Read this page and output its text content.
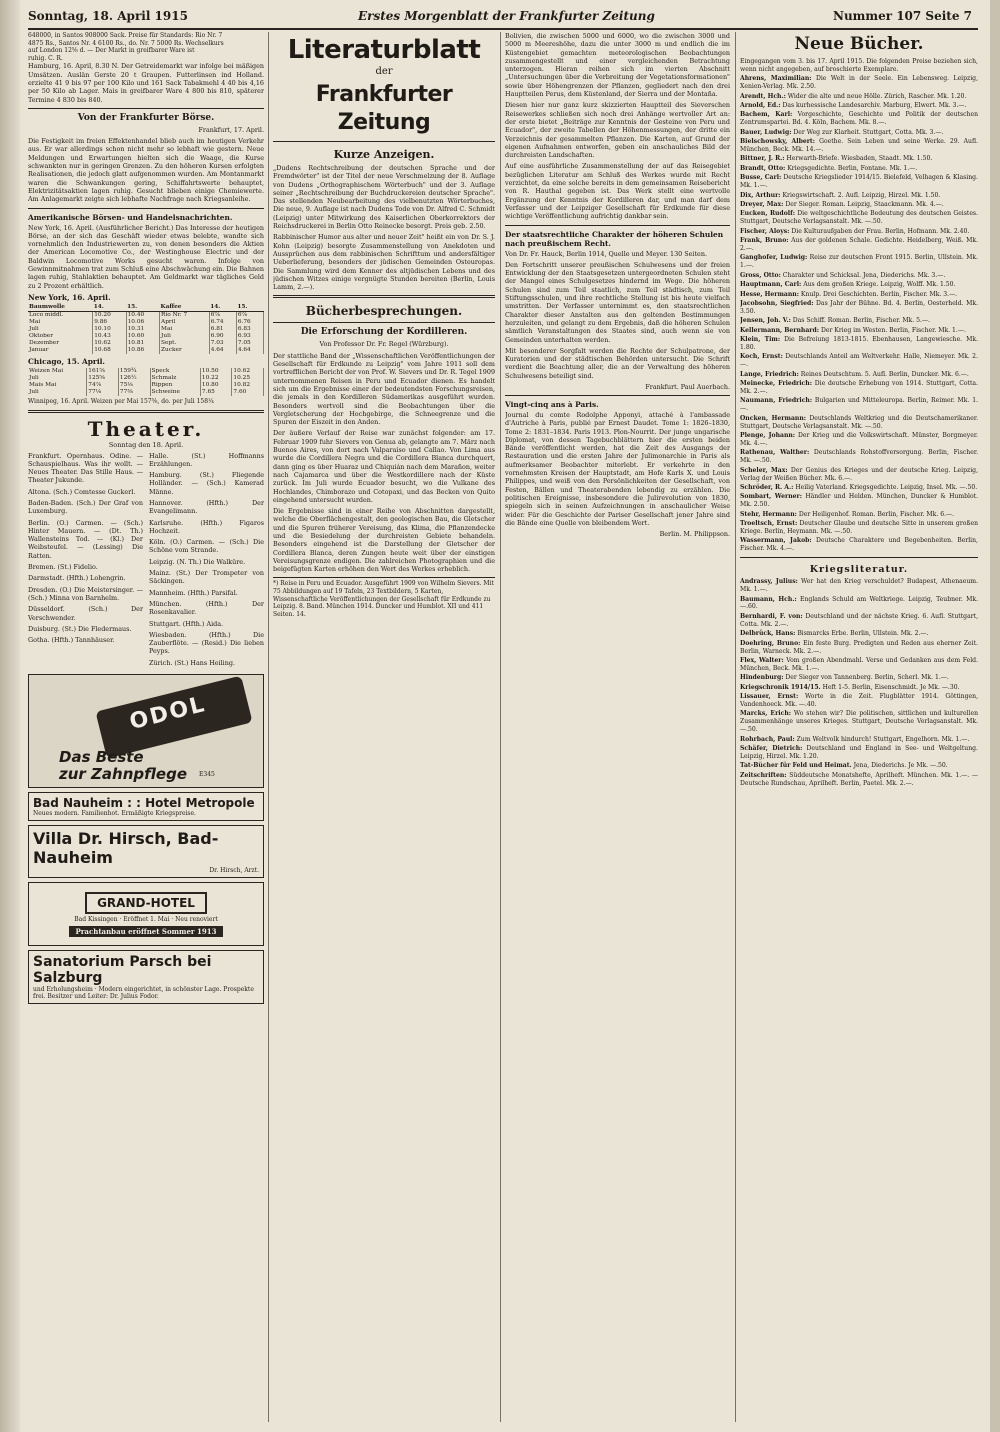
Sonntag, 18. April 1915	Erstes Morgenblatt der Frankfurter Zeitung	Nummer 107 Seite 7

648000, in Santos 908000 Sack. Preise für Standards: Rio Nr. 7

4875 Rs., Santos Nr. 4 6100 Rs., do. Nr. 7 5000 Rs. Wechselkurs

auf London 12⅝ d. — Der Markt in greifbarer Ware ist

ruhig. C. R.

Hamburg, 16. April, 8.30 N. Der Getreidemarkt war infolge bei mäßigen Umsätzen. Auslän Gerste 20 t Graupen. Futterlinsen ind Holland. erzielte 41 9 bis 97 per 100 Kilo und 161 Sack Tabakmehl 4 40 bis 4,16 per 50 Kilo ab Lager. Mais in greifbarer Ware 4 800 bis 810, späterer Termine 4 830 bis 840.

Von der Frankfurter Börse.

Frankfurt, 17. April.

Die Festigkeit im freien Effektenhandel blieb auch im heutigen Verkehr aus. Er war allerdings schon nicht mehr so lebhaft wie gestern. Neue Meldungen und Erwartungen hielten sich die Waage, die Kurse schwankten nur in geringen Grenzen. Zu den höheren Kursen erfolgten Realisationen, die jedoch glatt aufgenommen wurden. Am Montanmarkt waren die Schwankungen gering, Schiffahrtswerte behauptet, Elektrizitätsaktien lagen ruhig. Gesucht blieben einige Chemiewerte. Am Anlagemarkt zeigte sich lebhafte Nachfrage nach Kriegsanleihe.

Amerikanische Börsen- und Handelsnachrichten.

New York, 16. April. (Ausführlicher Bericht.) Das Interesse der heutigen Börse, an der sich das Geschäft wieder etwas belebte, wandte sich vornehmlich den Industriewerten zu, von denen besonders die Aktien der American Locomotive Co., der Westinghouse Electric und der Baldwin Locomotive Works gesucht waren. Infolge von Gewinnmitnahmen trat zum Schluß eine Abschwächung ein. Die Bahnen lagen ruhig, Stahlaktien behauptet. Am Geldmarkt war tägliches Geld zu 2 Prozent erhältlich.

New York, 16. April.
Baumwolle	14.	15.	Kaffee	14.	15.
Loco middl.	10.20	10.40	Rio Nr. 7	6⅞	6⅞
Mai	9.86	10.06	April	6.74	6.76
Juli	10.10	10.31	Mai	6.81	6.83
Oktober	10.43	10.60	Juli	6.90	6.93
Dezember	10.62	10.81	Sept.	7.03	7.05
Januar	10.68	10.86	Zucker	4.64	4.64
Chicago, 15. April.
Weizen Mai	161⅝	159¾	Speck	10.50	10.62
Juli	125⅝	126½	Schmalz	10.22	10.25
Mais Mai	74⅞	75⅛	Rippen	10.80	10.82
Juli	77⅛	77⅜	Schweine	7.65	7.60

Winnipeg, 16. April. Weizen per Mai 157⅝, do. per Juli 158¼

Theater.
Sonntag den 18. April.

Frankfurt. Opernhaus. Odine. — Schauspielhaus. Was ihr wollt. — Neues Theater. Das Stille Haus. — Theater Jukunde.

Altona. (Sch.) Comtesse Guckerl.

Baden-Baden. (Sch.) Der Graf von Luxemburg.

Berlin. (O.) Carmen. — (Sch.) Hinter Mauern. — (Dt. Th.) Wallensteins Tod. — (Kl.) Der Weibsteufel. — (Lessing) Die Ratten.

Bremen. (St.) Fidelio.

Darmstadt. (Hfth.) Lohengrin.

Dresden. (O.) Die Meistersinger. — (Sch.) Minna von Barnhelm.

Düsseldorf. (Sch.) Der Verschwender.

Duisburg. (St.) Die Fledermaus.

Gotha. (Hfth.) Tannhäuser.

Halle. (St.) Hoffmanns Erzählungen.

Hamburg. (St.) Fliegende Holländer. — (Sch.) Kamerad Männe.

Hannover. (Hfth.) Der Evangelimann.

Karlsruhe. (Hfth.) Figaros Hochzeit.

Köln. (O.) Carmen. — (Sch.) Die Schöne vom Strande.

Leipzig. (N. Th.) Die Walküre.

Mainz. (St.) Der Trompeter von Säckingen.

Mannheim. (Hfth.) Parsifal.

München. (Hfth.) Der Rosenkavalier.

Stuttgart. (Hfth.) Aida.

Wiesbaden. (Hfth.) Die Zauberflöte. — (Resid.) Die lieben Peyps.

Zürich. (St.) Hans Heiling.

ODOL
Das Beste
zur Zahnpflege E345
Bad Nauheim : : Hotel Metropole
Neues modern. Familienhot. Ermäßigte Kriegspreise.
Villa Dr. Hirsch, Bad-Nauheim
Dr. Hirsch, Arzt.
GRAND-HOTEL
Bad Kissingen · Eröffnet 1. Mai · Neu renoviert
Prachtanbau eröffnet Sommer 1913
Sanatorium Parsch bei Salzburg
und Erholungsheim · Modern eingerichtet, in schönster Lage. Prospekte frei. Besitzer und Leiter: Dr. Julius Fodor.
Literaturblatt
der
Frankfurter Zeitung
Kurze Anzeigen.

„Dudens Rechtschreibung der deutschen Sprache und der Fremdwörter" ist der Titel der neue Verschmelzung der 8. Auflage von Dudens „Orthographischem Wörterbuch" und der 3. Auflage seiner „Rechtschreibung der Buchdruckereien deutscher Sprache". Das stellenden Neubearbeitung des vielbenutzten Wörterbuches, Die neue, 9. Auflage ist nach Dudens Tode von Dr. Alfred C. Schmidt (Leipzig) unter Mitwirkung des Kaiserlichen Oberkorrektors der Reichsdruckerei in Berlin Otto Reinecke besorgt. Preis geb. 2.50.

Rabbinischer Humor aus alter und neuer Zeit" heißt ein von Dr. S. J. Kohn (Leipzig) besorgte Zusammenstellung von Anekdoten und Aussprüchen aus dem rabbinischen Schrifttum und andersfältiger Ueberlieferung, besonders der jüdischen Gemeinden Osteuropas. Die Sammlung wird dem Kenner des altjüdischen Lebens und des jüdischen Witzes einige vergnügte Stunden bereiten (Berlin, Louis Lamm, 2.—).

Bücherbesprechungen.
Die Erforschung der Kordilleren.

Von Professor Dr. Fr. Regel (Würzburg).

Der stattliche Band der „Wissenschaftlichen Veröffentlichungen der Gesellschaft für Erdkunde zu Leipzig" vom Jahre 1911 soll dem vortrefflichen Bericht der von Prof. W. Sievers und Dr. R. Tegel 1909 unternommenen Reisen in Peru und Ecuador dienen. Es handelt sich um die Ergebnisse einer der bedeutendsten Forschungsreisen, die jemals in den Kordilleren Südamerikas ausgeführt wurden. Besonders wertvoll sind die Beobachtungen über die Vergletscherung der Hochgebirge, die Schneegrenze und die Spuren der Eiszeit in den Anden.

Der äußere Verlauf der Reise war zunächst folgender: am 17. Februar 1909 fuhr Sievers von Genua ab, gelangte am 7. März nach Buenos Aires, von dort nach Valparaíso und Callao. Von Lima aus wurde die Cordillera Negra und die Cordillera Blanca durchquert, dann ging es über Huaraz und Chiquián nach dem Marañon, weiter nach Cajamarca und über die Westkordillere nach der Küste zurück. Im Juli wurde Ecuador besucht, wo die Vulkane des Hochlandes, Chimborazo und Cotopaxi, und das Becken von Quito eingehend untersucht wurden.

Die Ergebnisse sind in einer Reihe von Abschnitten dargestellt, welche die Oberflächengestalt, den geologischen Bau, die Gletscher und die Spuren früherer Vereisung, das Klima, die Pflanzendecke und die Besiedelung der durchreisten Gebiete behandeln. Besonders eingehend ist die Darstellung der Gletscher der Cordillera Blanca, deren Zungen heute weit über der einstigen Vereisungsgrenze endigen. Die zahlreichen Photographien und die beigefügten Karten erhöhen den Wert des Werkes erheblich.

*) Reise in Peru und Ecuador. Ausgeführt 1909 von Wilhelm Sievers. Mit 75 Abbildungen auf 19 Tafeln, 23 Textbildern, 5 Karten, Wissenschaftliche Veröffentlichungen der Gesellschaft für Erdkunde zu Leipzig. 8. Band. München 1914. Duncker und Humblot. XII und 411 Seiten. 14.

Bolivien, die zwischen 5000 und 6000, wo die zwischen 3000 und 5000 m Meereshöhe, dazu die unter 3000 m und endlich die im Küstengebiet gemachten meteorologischen Beobachtungen zusammengestellt und einer vergleichenden Betrachtung unterzogen. Hieran reihen sich im vierten Abschnitt „Untersuchungen über die Verbreitung der Vegetationsformationen" sowie über Höhengrenzen der Pflanzen, gegliedert nach den drei Hauptteilen Perus, dem Küstenland, der Sierra und der Montaña.

Diesen hier nur ganz kurz skizzierten Hauptteil des Sieverschen Reisewerkes schließen sich noch drei Anhänge wertvoller Art an: der erste bietet „Beiträge zur Kenntnis der Gesteine von Peru und Ecuador", der zweite Tabellen der Höhenmessungen, der dritte ein Verzeichnis der gesammelten Pflanzen. Die Karten, auf Grund der eigenen Aufnahmen entworfen, geben ein anschauliches Bild der durchreisten Landschaften.

Auf eine ausführliche Zusammenstellung der auf das Reisegebiet bezüglichen Literatur am Schluß des Werkes wurde mit Recht verzichtet, da eine solche bereits in dem gemeinsamen Reisebericht von R. Hauthal gegeben ist. Das Werk stellt eine wertvolle Ergänzung der Kenntnis der Kordilleren dar, und man darf dem Verfasser und der Leipziger Gesellschaft für Erdkunde für diese wichtige Veröffentlichung aufrichtig dankbar sein.

Der staatsrechtliche Charakter der höheren Schulen nach preußischem Recht.

Von Dr. Fr. Hauck, Berlin 1914, Quelle und Meyer. 130 Seiten.

Den Fortschritt unserer preußischen Schulwesens und der freien Entwicklung der den Staatsgesetzen untergeordneten Schulen steht der Mangel eines Schulgesetzes hindernd im Wege. Die höheren Schulen sind zum Teil staatlich, zum Teil städtisch, zum Teil Stiftungsschulen, und ihre rechtliche Stellung ist bis heute vielfach umstritten. Der Verfasser unternimmt es, den staatsrechtlichen Charakter dieser Anstalten aus den geltenden Bestimmungen herzuleiten, und gelangt zu dem Ergebnis, daß die höheren Schulen sämtlich Veranstaltungen des Staates sind, auch wenn sie von Gemeinden unterhalten werden.

Mit besonderer Sorgfalt werden die Rechte der Schulpatrone, der Kuratorien und der städtischen Behörden untersucht. Die Schrift verdient die Beachtung aller, die an der Verwaltung des höheren Schulwesens beteiligt sind.

Frankfurt. Paul Auerbach.
Vingt-cinq ans à Paris.

Journal du comte Rodolphe Apponyi, attaché à l'ambassade d'Autriche à Paris, publié par Ernest Daudet. Tome 1: 1826–1830, Tome 2: 1831–1834. Paris 1913. Plon-Nourrit. Der junge ungarische Diplomat, von dessen Tagebuchblättern hier die ersten beiden Bände veröffentlicht werden, hat die Zeit des Ausgangs der Restauration und die ersten Jahre der Julimonarchie in Paris als aufmerksamer Beobachter miterlebt. Er verkehrte in den vornehmsten Kreisen der Hauptstadt, am Hofe Karls X. und Louis Philippes, und weiß von den Persönlichkeiten der Gesellschaft, von Festen, Bällen und Theaterabenden lebendig zu erzählen. Die politischen Ereignisse, insbesondere die Julirevolution von 1830, spiegeln sich in seinen Aufzeichnungen in anschaulicher Weise wider. Für die Geschichte der Pariser Gesellschaft jener Jahre sind die Bände eine Quelle von bleibendem Wert.

Berlin. M. Philippson.
Neue Bücher.

Eingegangen vom 3. bis 17. April 1915. Die folgenden Preise beziehen sich, wenn nicht angegeben, auf broschierte Exemplare.

Ahrens, Maximilian: Die Welt in der Seele. Ein Lebensweg. Leipzig, Xenien-Verlag. Mk. 2.50.

Arendt, Hch.: Wider die alte und neue Hölle. Zürich, Rascher. Mk. 1.20.

Arnold, Ed.: Das kurhessische Landesarchiv. Marburg, Elwert. Mk. 3.—.

Bachem, Karl: Vorgeschichte, Geschichte und Politik der deutschen Zentrumspartei. Bd. 4. Köln, Bachem. Mk. 8.—.

Bauer, Ludwig: Der Weg zur Klarheit. Stuttgart, Cotta. Mk. 3.—.

Bielschowsky, Albert: Goethe. Sein Leben und seine Werke. 29. Aufl. München, Beck. Mk. 14.—.

Bittner, J. R.: Herwarth-Briefe. Wiesbaden, Staadt. Mk. 1.50.

Brandt, Otto: Kriegsgedichte. Berlin, Fontane. Mk. 1.—.

Busse, Carl: Deutsche Kriegslieder 1914/15. Bielefeld, Velhagen & Klasing. Mk. 1.—.

Dix, Arthur: Kriegswirtschaft. 2. Aufl. Leipzig, Hirzel. Mk. 1.50.

Dreyer, Max: Der Sieger. Roman. Leipzig, Staackmann. Mk. 4.—.

Eucken, Rudolf: Die weltgeschichtliche Bedeutung des deutschen Geistes. Stuttgart, Deutsche Verlagsanstalt. Mk. —.50.

Fischer, Aloys: Die Kulturaufgaben der Frau. Berlin, Hofmann. Mk. 2.40.

Frank, Bruno: Aus der goldenen Schale. Gedichte. Heidelberg, Weiß. Mk. 2.—.

Ganghofer, Ludwig: Reise zur deutschen Front 1915. Berlin, Ullstein. Mk. 1.—.

Gross, Otto: Charakter und Schicksal. Jena, Diederichs. Mk. 3.—.

Hauptmann, Carl: Aus dem großen Kriege. Leipzig, Wolff. Mk. 1.50.

Hesse, Hermann: Knulp. Drei Geschichten. Berlin, Fischer. Mk. 3.—.

Jacobsohn, Siegfried: Das Jahr der Bühne. Bd. 4. Berlin, Oesterheld. Mk. 3.50.

Jensen, Joh. V.: Das Schiff. Roman. Berlin, Fischer. Mk. 5.—.

Kellermann, Bernhard: Der Krieg im Westen. Berlin, Fischer. Mk. 1.—.

Klein, Tim: Die Befreiung 1813-1815. Ebenhausen, Langewiesche. Mk. 1.80.

Koch, Ernst: Deutschlands Anteil am Weltverkehr. Halle, Niemeyer. Mk. 2.—.

Lange, Friedrich: Reines Deutschtum. 5. Aufl. Berlin, Duncker. Mk. 6.—.

Meinecke, Friedrich: Die deutsche Erhebung von 1914. Stuttgart, Cotta. Mk. 2.—.

Naumann, Friedrich: Bulgarien und Mitteleuropa. Berlin, Reimer. Mk. 1.—.

Oncken, Hermann: Deutschlands Weltkrieg und die Deutschamerikaner. Stuttgart, Deutsche Verlagsanstalt. Mk. —.50.

Plenge, Johann: Der Krieg und die Volkswirtschaft. Münster, Borgmeyer. Mk. 4.—.

Rathenau, Walther: Deutschlands Rohstoffversorgung. Berlin, Fischer. Mk. —.50.

Scheler, Max: Der Genius des Krieges und der deutsche Krieg. Leipzig, Verlag der Weißen Bücher. Mk. 6.—.

Schröder, R. A.: Heilig Vaterland. Kriegsgedichte. Leipzig, Insel. Mk. —.50.

Sombart, Werner: Händler und Helden. München, Duncker & Humblot. Mk. 2.50.

Stehr, Hermann: Der Heiligenhof. Roman. Berlin, Fischer. Mk. 6.—.

Troeltsch, Ernst: Deutscher Glaube und deutsche Sitte in unserem großen Kriege. Berlin, Heymann. Mk. —.50.

Wassermann, Jakob: Deutsche Charaktere und Begebenheiten. Berlin, Fischer. Mk. 4.—.

Kriegsliteratur.

Andrassy, Julius: Wer hat den Krieg verschuldet? Budapest, Athenaeum. Mk. 1.—.

Baumann, Hch.: Englands Schuld am Weltkriege. Leipzig, Teubner. Mk. —.60.

Bernhardi, F. von: Deutschland und der nächste Krieg. 6. Aufl. Stuttgart, Cotta. Mk. 2.—.

Delbrück, Hans: Bismarcks Erbe. Berlin, Ullstein. Mk. 2.—.

Doehring, Bruno: Ein feste Burg. Predigten und Reden aus eherner Zeit. Berlin, Warneck. Mk. 2.—.

Flex, Walter: Vom großen Abendmahl. Verse und Gedanken aus dem Feld. München, Beck. Mk. 1.—.

Hindenburg: Der Sieger von Tannenberg. Berlin, Scherl. Mk. 1.—.

Kriegschronik 1914/15. Heft 1-5. Berlin, Eisenschmidt. Je Mk. —.30.

Lissauer, Ernst: Worte in die Zeit. Flugblätter 1914. Göttingen, Vandenhoeck. Mk. —.40.

Marcks, Erich: Wo stehen wir? Die politischen, sittlichen und kulturellen Zusammenhänge unseres Krieges. Stuttgart, Deutsche Verlagsanstalt. Mk. —.50.

Rohrbach, Paul: Zum Weltvolk hindurch! Stuttgart, Engelhorn. Mk. 1.—.

Schäfer, Dietrich: Deutschland und England in See- und Weltgeltung. Leipzig, Hirzel. Mk. 1.20.

Tat-Bücher für Feld und Heimat. Jena, Diederichs. Je Mk. —.50.

Zeitschriften: Süddeutsche Monatshefte, Aprilheft. München. Mk. 1.—. — Deutsche Rundschau, Aprilheft. Berlin, Paetel. Mk. 2.—.
